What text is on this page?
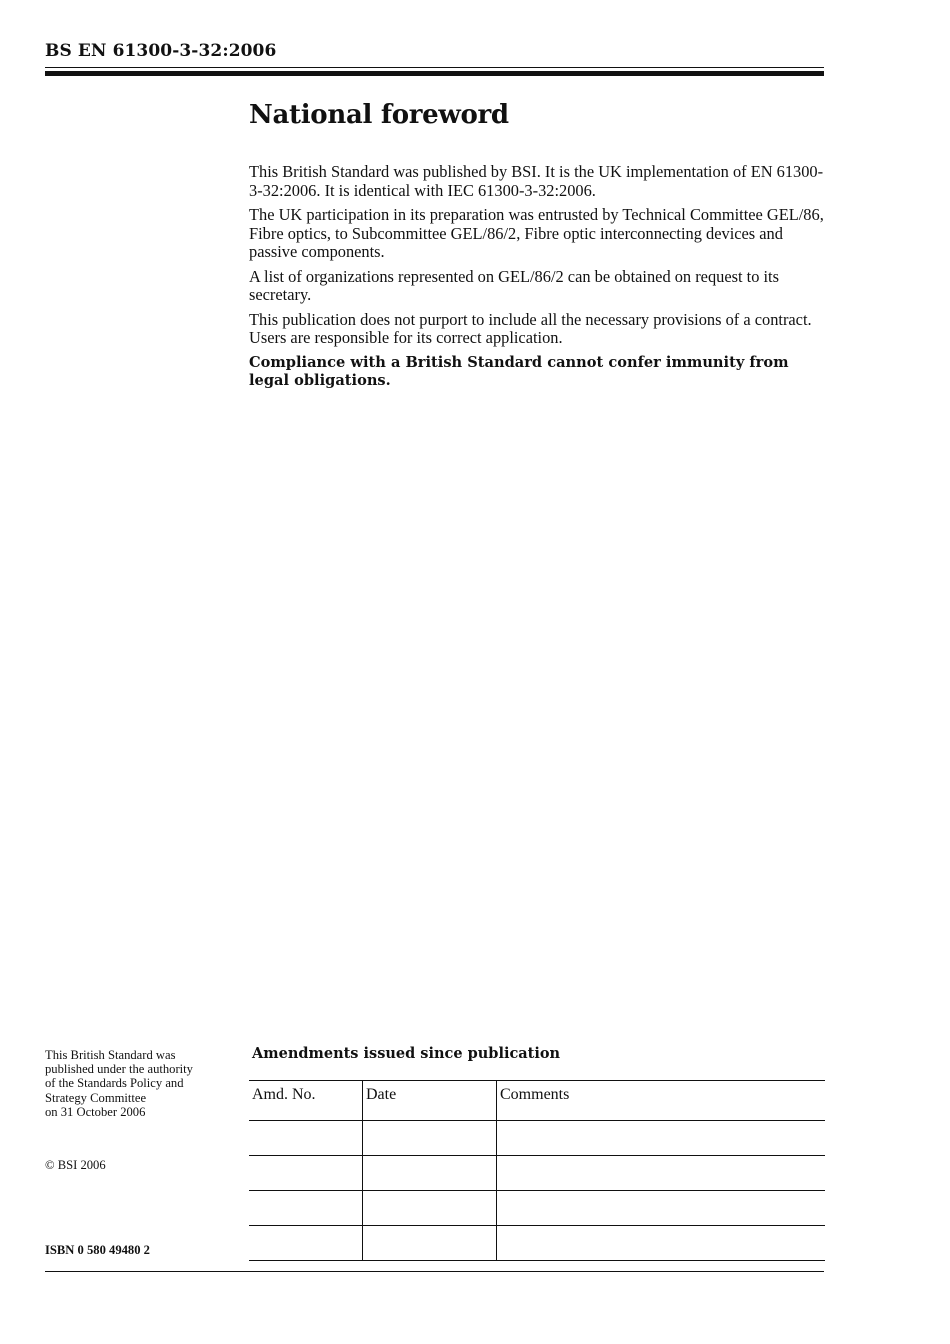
BS EN 61300-3-32:2006
National foreword

This British Standard was published by BSI. It is the UK implementation of EN 61300-3-32:2006. It is identical with IEC 61300-3-32:2006.

The UK participation in its preparation was entrusted by Technical Committee GEL/86, Fibre optics, to Subcommittee GEL/86/2, Fibre optic interconnecting devices and passive components.

A list of organizations represented on GEL/86/2 can be obtained on request to its secretary.

This publication does not purport to include all the necessary provisions of a contract. Users are responsible for its correct application.

Compliance with a British Standard cannot confer immunity from legal obligations.

This British Standard was
published under the authority
of the Standards Policy and
Strategy Committee
on 31 October 2006
© BSI 2006
ISBN 0 580 49480 2
Amendments issued since publication
Amd. No.	Date	Comments
